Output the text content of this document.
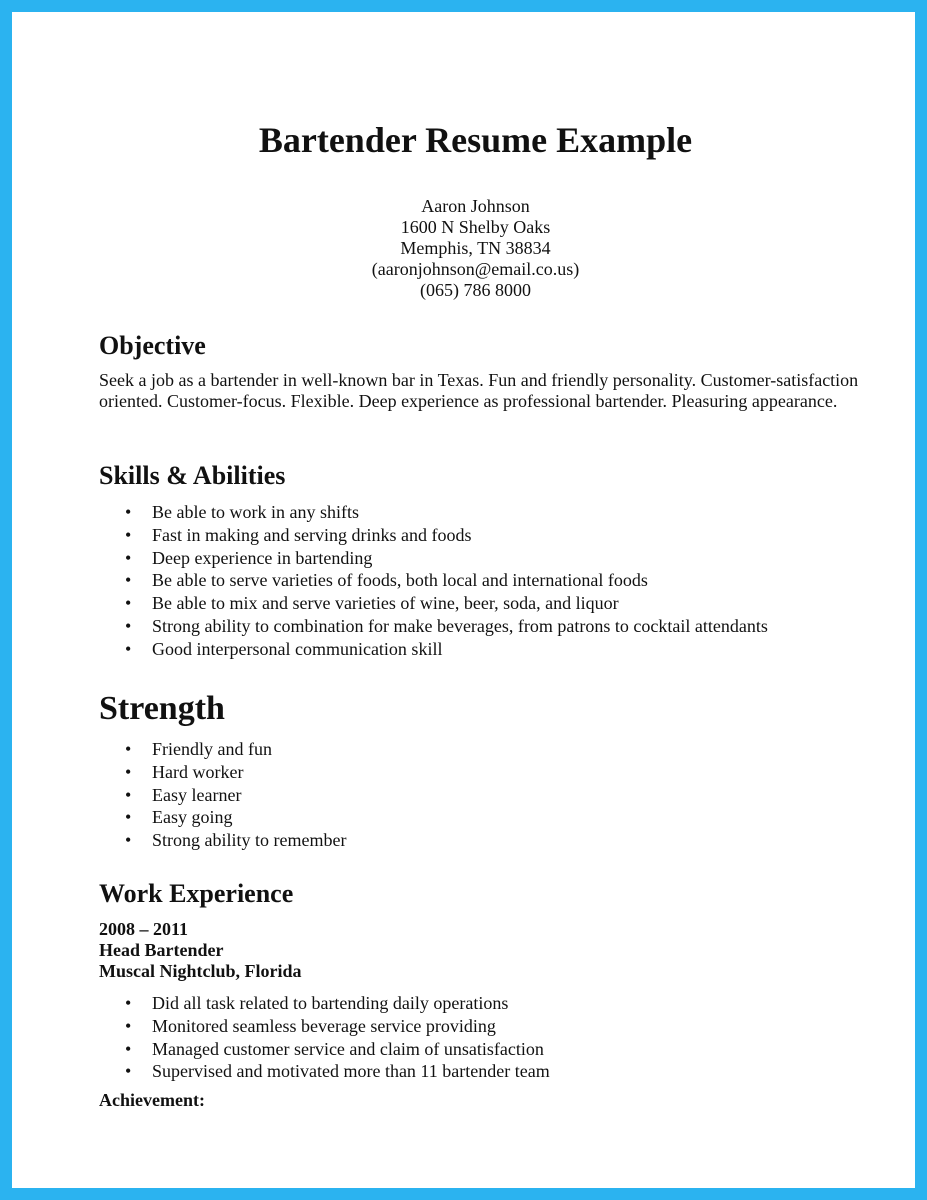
Bartender Resume Example
Aaron Johnson
1600 N Shelby Oaks
Memphis, TN 38834
(aaronjohnson@email.co.us)
(065) 786 8000
Objective
Seek a job as a bartender in well-known bar in Texas. Fun and friendly personality. Customer-satisfaction oriented. Customer-focus. Flexible. Deep experience as professional bartender. Pleasuring appearance.
Skills & Abilities
• Be able to work in any shifts
• Fast in making and serving drinks and foods
• Deep experience in bartending
• Be able to serve varieties of foods, both local and international foods
• Be able to mix and serve varieties of wine, beer, soda, and liquor
• Strong ability to combination for make beverages, from patrons to cocktail attendants
• Good interpersonal communication skill
Strength
• Friendly and fun
• Hard worker
• Easy learner
• Easy going
• Strong ability to remember
Work Experience
2008 – 2011
Head Bartender
Muscal Nightclub, Florida
• Did all task related to bartending daily operations
• Monitored seamless beverage service providing
• Managed customer service and claim of unsatisfaction
• Supervised and motivated more than 11 bartender team
Achievement:
